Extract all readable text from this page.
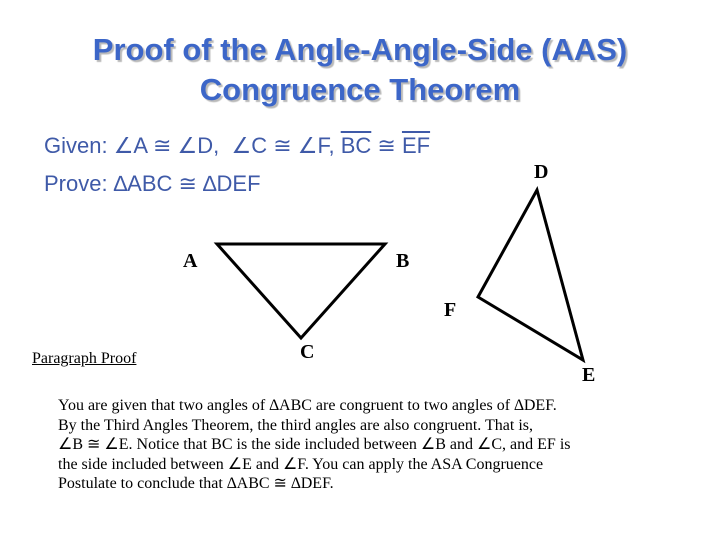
Proof of the Angle-Angle-Side (AAS)
Congruence Theorem
Given: ∠A ≅ ∠D,  ∠C ≅ ∠F, $\overline{BC}$ ≅ $\overline{EF}$
Prove: ∆ABC ≅ ∆DEF
A	B
C
D
E
F
Paragraph Proof
You are given that two angles of ∆ABC are congruent to two angles of ∆DEF.
By the Third Angles Theorem, the third angles are also congruent. That is,
∠B ≅ ∠E. Notice that BC is the side included between ∠B and ∠C, and EF is
the side included between ∠E and ∠F. You can apply the ASA Congruence
Postulate to conclude that ∆ABC ≅ ∆DEF.
